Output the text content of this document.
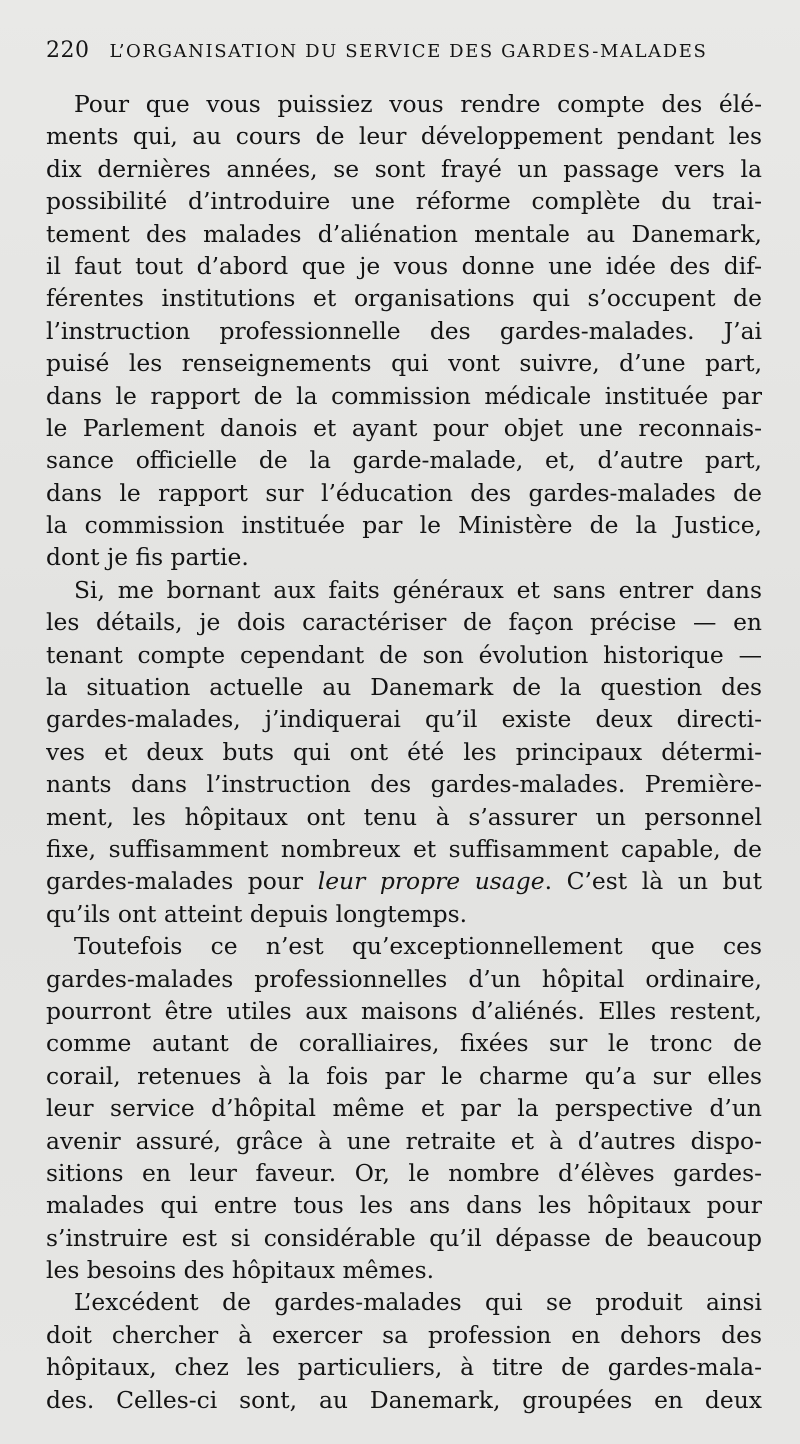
220 L’ORGANISATION DU SERVICE DES GARDES-MALADES
Pour que vous puissiez vous rendre compte des élé-
ments qui, au cours de leur développement pendant les
dix dernières années, se sont frayé un passage vers la
possibilité d’introduire une réforme complète du trai-
tement des malades d’aliénation mentale au Danemark,
il faut tout d’abord que je vous donne une idée des dif-
férentes institutions et organisations qui s’occupent de
l’instruction professionnelle des gardes-malades. J’ai
puisé les renseignements qui vont suivre, d’une part,
dans le rapport de la commission médicale instituée par
le Parlement danois et ayant pour objet une reconnais-
sance officielle de la garde-malade, et, d’autre part,
dans le rapport sur l’éducation des gardes-malades de
la commission instituée par le Ministère de la Justice,
dont je fis partie.
Si, me bornant aux faits généraux et sans entrer dans
les détails, je dois caractériser de façon précise — en
tenant compte cependant de son évolution historique —
la situation actuelle au Danemark de la question des
gardes-malades, j’indiquerai qu’il existe deux directi-
ves et deux buts qui ont été les principaux détermi-
nants dans l’instruction des gardes-malades. Première-
ment, les hôpitaux ont tenu à s’assurer un personnel
fixe, suffisamment nombreux et suffisamment capable, de
gardes-malades pour leur propre usage. C’est là un but
qu’ils ont atteint depuis longtemps.
Toutefois ce n’est qu’exceptionnellement que ces
gardes-malades professionnelles d’un hôpital ordinaire,
pourront être utiles aux maisons d’aliénés. Elles restent,
comme autant de coralliaires, fixées sur le tronc de
corail, retenues à la fois par le charme qu’a sur elles
leur service d’hôpital même et par la perspective d’un
avenir assuré, grâce à une retraite et à d’autres dispo-
sitions en leur faveur. Or, le nombre d’élèves gardes-
malades qui entre tous les ans dans les hôpitaux pour
s’instruire est si considérable qu’il dépasse de beaucoup
les besoins des hôpitaux mêmes.
L’excédent de gardes-malades qui se produit ainsi
doit chercher à exercer sa profession en dehors des
hôpitaux, chez les particuliers, à titre de gardes-mala-
des. Celles-ci sont, au Danemark, groupées en deux
